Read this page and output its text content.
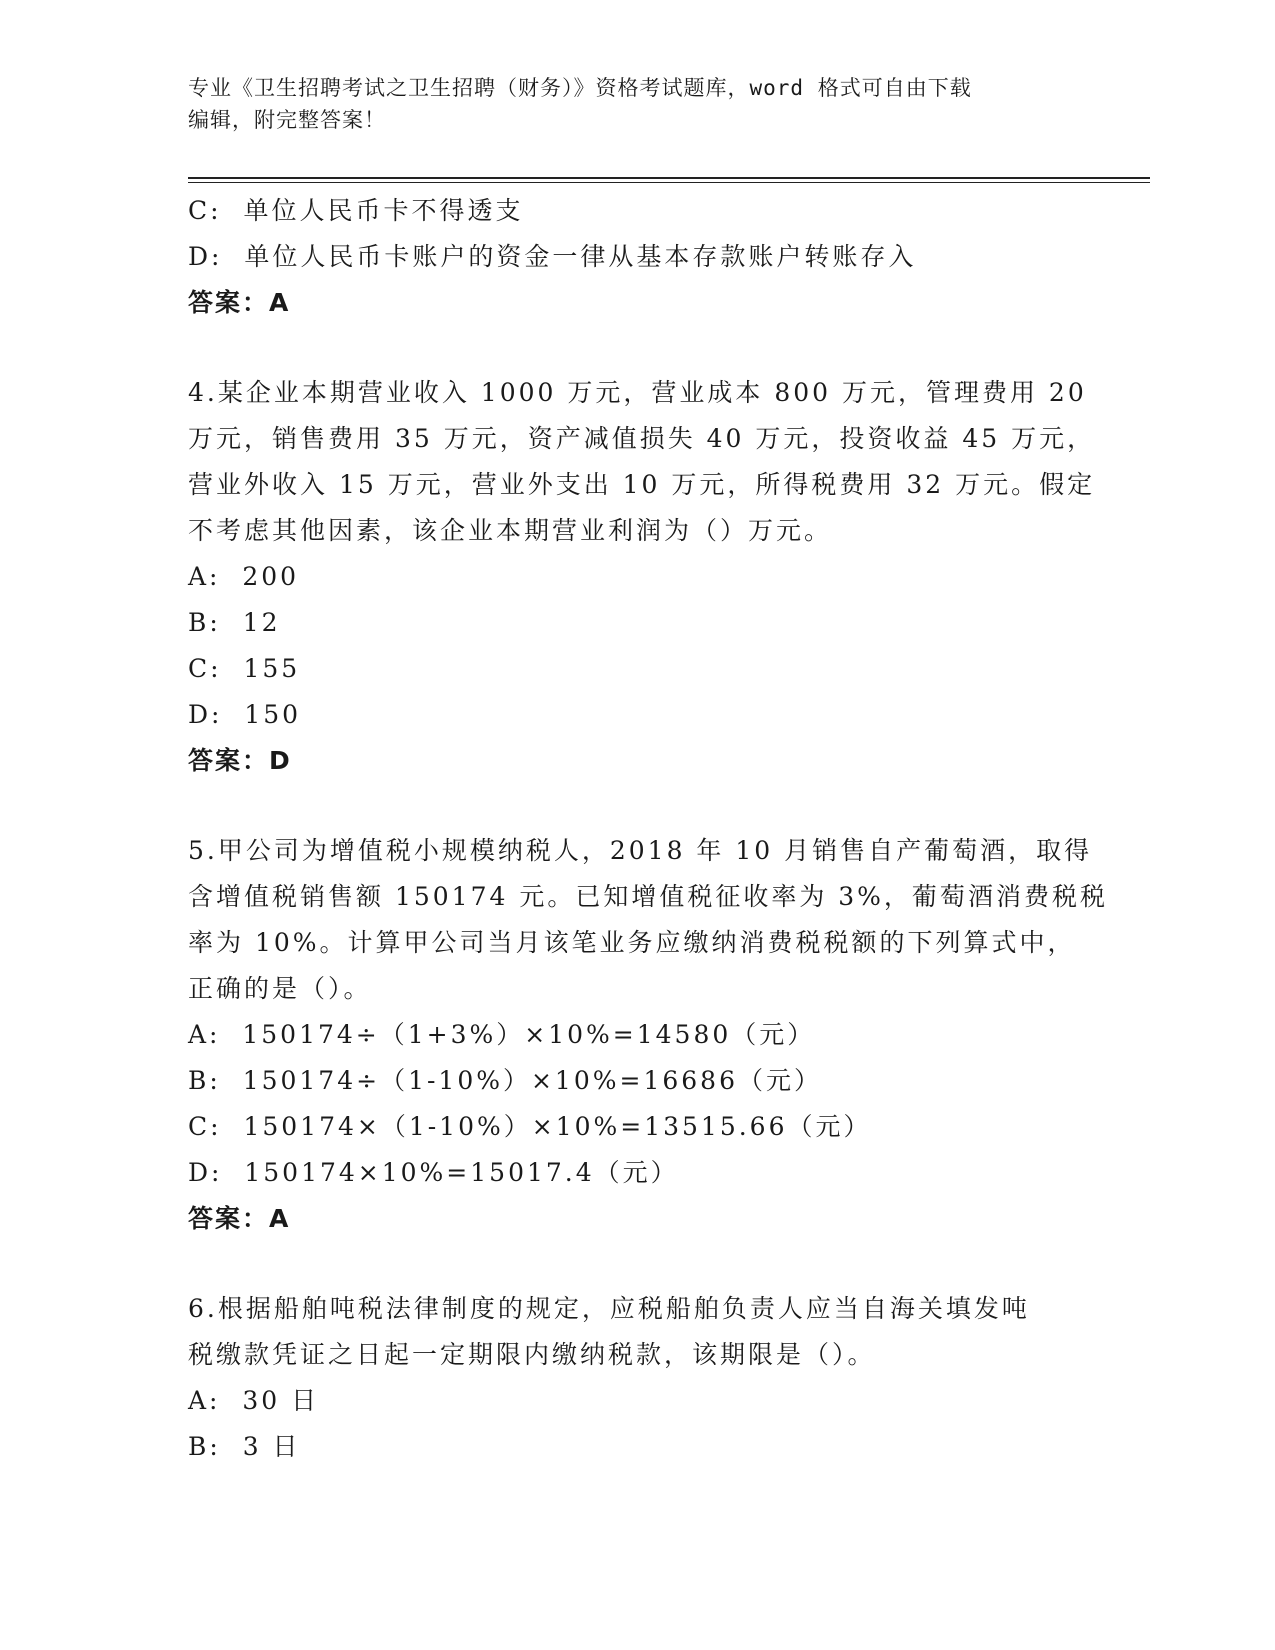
专业《卫生招聘考试之卫生招聘（财务）》资格考试题库，word 格式可自由下载
编辑，附完整答案！
C:  单位人民币卡不得透支
D:  单位人民币卡账户的资金一律从基本存款账户转账存入
答案：A
4.某企业本期营业收入 1000 万元，营业成本 800 万元，管理费用 20
万元，销售费用 35 万元，资产减值损失 40 万元，投资收益 45 万元，
营业外收入 15 万元，营业外支出 10 万元，所得税费用 32 万元。假定
不考虑其他因素，该企业本期营业利润为（）万元。
A:  200
B:  12
C:  155
D:  150
答案：D
5.甲公司为增值税小规模纳税人，2018 年 10 月销售自产葡萄酒，取得
含增值税销售额 150174 元。已知增值税征收率为 3%，葡萄酒消费税税
率为 10%。计算甲公司当月该笔业务应缴纳消费税税额的下列算式中，
正确的是（）。
A:  150174÷（1+3%）×10%=14580（元）
B:  150174÷（1-10%）×10%=16686（元）
C:  150174×（1-10%）×10%=13515.66（元）
D:  150174×10%=15017.4（元）
答案：A
6.根据船舶吨税法律制度的规定，应税船舶负责人应当自海关填发吨
税缴款凭证之日起一定期限内缴纳税款，该期限是（）。
A:  30 日
B:  3 日
